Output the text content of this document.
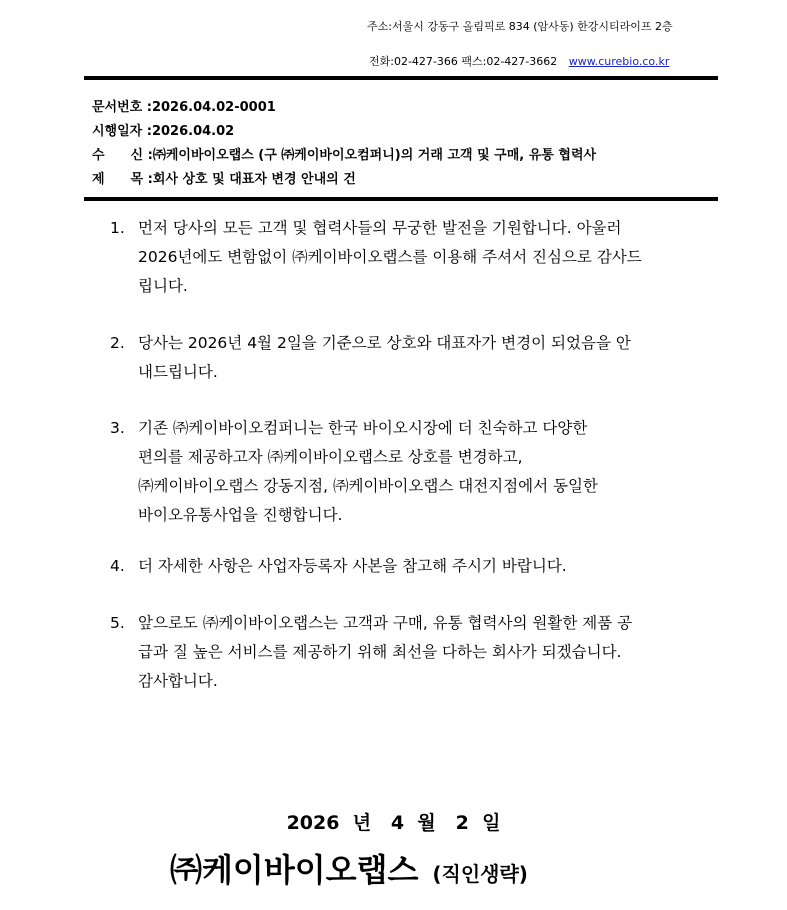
주소:서울시 강동구 올림픽로 834 (암사동) 한강시티라이프 2층
전화:02-427-366 팩스:02-427-3662 www.curebio.co.kr
문서번호 :2026.04.02-0001
시행일자 :2026.04.02
수　　신 :㈜케이바이오랩스 (구 ㈜케이바이오컴퍼니)의 거래 고객 및 구매, 유통 협력사
제　　목 :회사 상호 및 대표자 변경 안내의 건
1. 먼저 당사의 모든 고객 및 협력사들의 무궁한 발전을 기원합니다. 아울러
2026년에도 변함없이 ㈜케이바이오랩스를 이용해 주셔서 진심으로 감사드
립니다.
2. 당사는 2026년 4월 2일을 기준으로 상호와 대표자가 변경이 되었음을 안
내드립니다.
3. 기존 ㈜케이바이오컴퍼니는 한국 바이오시장에 더 친숙하고 다양한
편의를 제공하고자 ㈜케이바이오랩스로 상호를 변경하고,
㈜케이바이오랩스 강동지점, ㈜케이바이오랩스 대전지점에서 동일한
바이오유통사업을 진행합니다.
4. 더 자세한 사항은 사업자등록자 사본을 참고해 주시기 바랍니다.
5. 앞으로도 ㈜케이바이오랩스는 고객과 구매, 유통 협력사의 원활한 제품 공
급과 질 높은 서비스를 제공하기 위해 최선을 다하는 회사가 되겠습니다.
감사합니다.
2026 년 4 월 2 일
㈜케이바이오랩스 (직인생략)
